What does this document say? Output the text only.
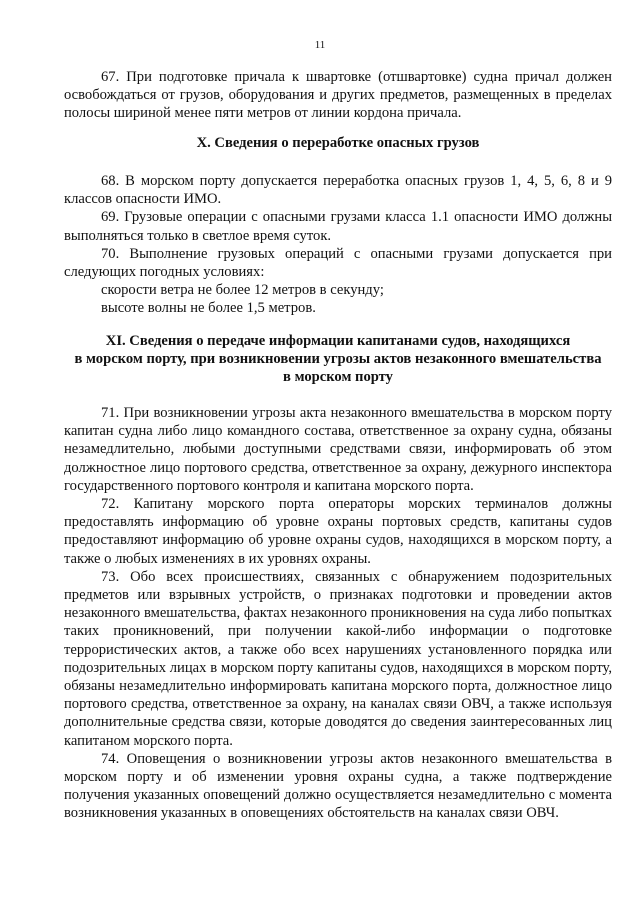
11

67. При подготовке причала к швартовке (отшвартовке) судна причал должен освобождаться от грузов, оборудования и других предметов, размещенных в пределах полосы шириной менее пяти метров от линии кордона причала.

X. Сведения о переработке опасных грузов

68. В морском порту допускается переработка опасных грузов 1, 4, 5, 6, 8 и 9 классов опасности ИМО.

69. Грузовые операции с опасными грузами класса 1.1 опасности ИМО должны выполняться только в светлое время суток.

70. Выполнение грузовых операций с опасными грузами допускается при следующих погодных условиях:

скорости ветра не более 12 метров в секунду;

высоте волны не более 1,5 метров.

XI. Сведения о передаче информации капитанами судов, находящихся
в морском порту, при возникновении угрозы актов незаконного вмешательства
в морском порту

71. При возникновении угрозы акта незаконного вмешательства в морском порту капитан судна либо лицо командного состава, ответственное за охрану судна, обязаны незамедлительно, любыми доступными средствами связи, информировать об этом должностное лицо портового средства, ответственное за охрану, дежурного инспектора государственного портового контроля и капитана морского порта.

72. Капитану морского порта операторы морских терминалов должны предоставлять информацию об уровне охраны портовых средств, капитаны судов предоставляют информацию об уровне охраны судов, находящихся в морском порту, а также о любых изменениях в их уровнях охраны.

73. Обо всех происшествиях, связанных с обнаружением подозрительных предметов или взрывных устройств, о признаках подготовки и проведении актов незаконного вмешательства, фактах незаконного проникновения на суда либо попытках таких проникновений, при получении какой-либо информации о подготовке террористических актов, а также обо всех нарушениях установленного порядка или подозрительных лицах в морском порту капитаны судов, находящихся в морском порту, обязаны незамедлительно информировать капитана морского порта, должностное лицо портового средства, ответственное за охрану, на каналах связи ОВЧ, а также используя дополнительные средства связи, которые доводятся до сведения заинтересованных лиц капитаном морского порта.

74. Оповещения о возникновении угрозы актов незаконного вмешательства в морском порту и об изменении уровня охраны судна, а также подтверждение получения указанных оповещений должно осуществляется незамедлительно с момента возникновения указанных в оповещениях обстоятельств на каналах связи ОВЧ.
